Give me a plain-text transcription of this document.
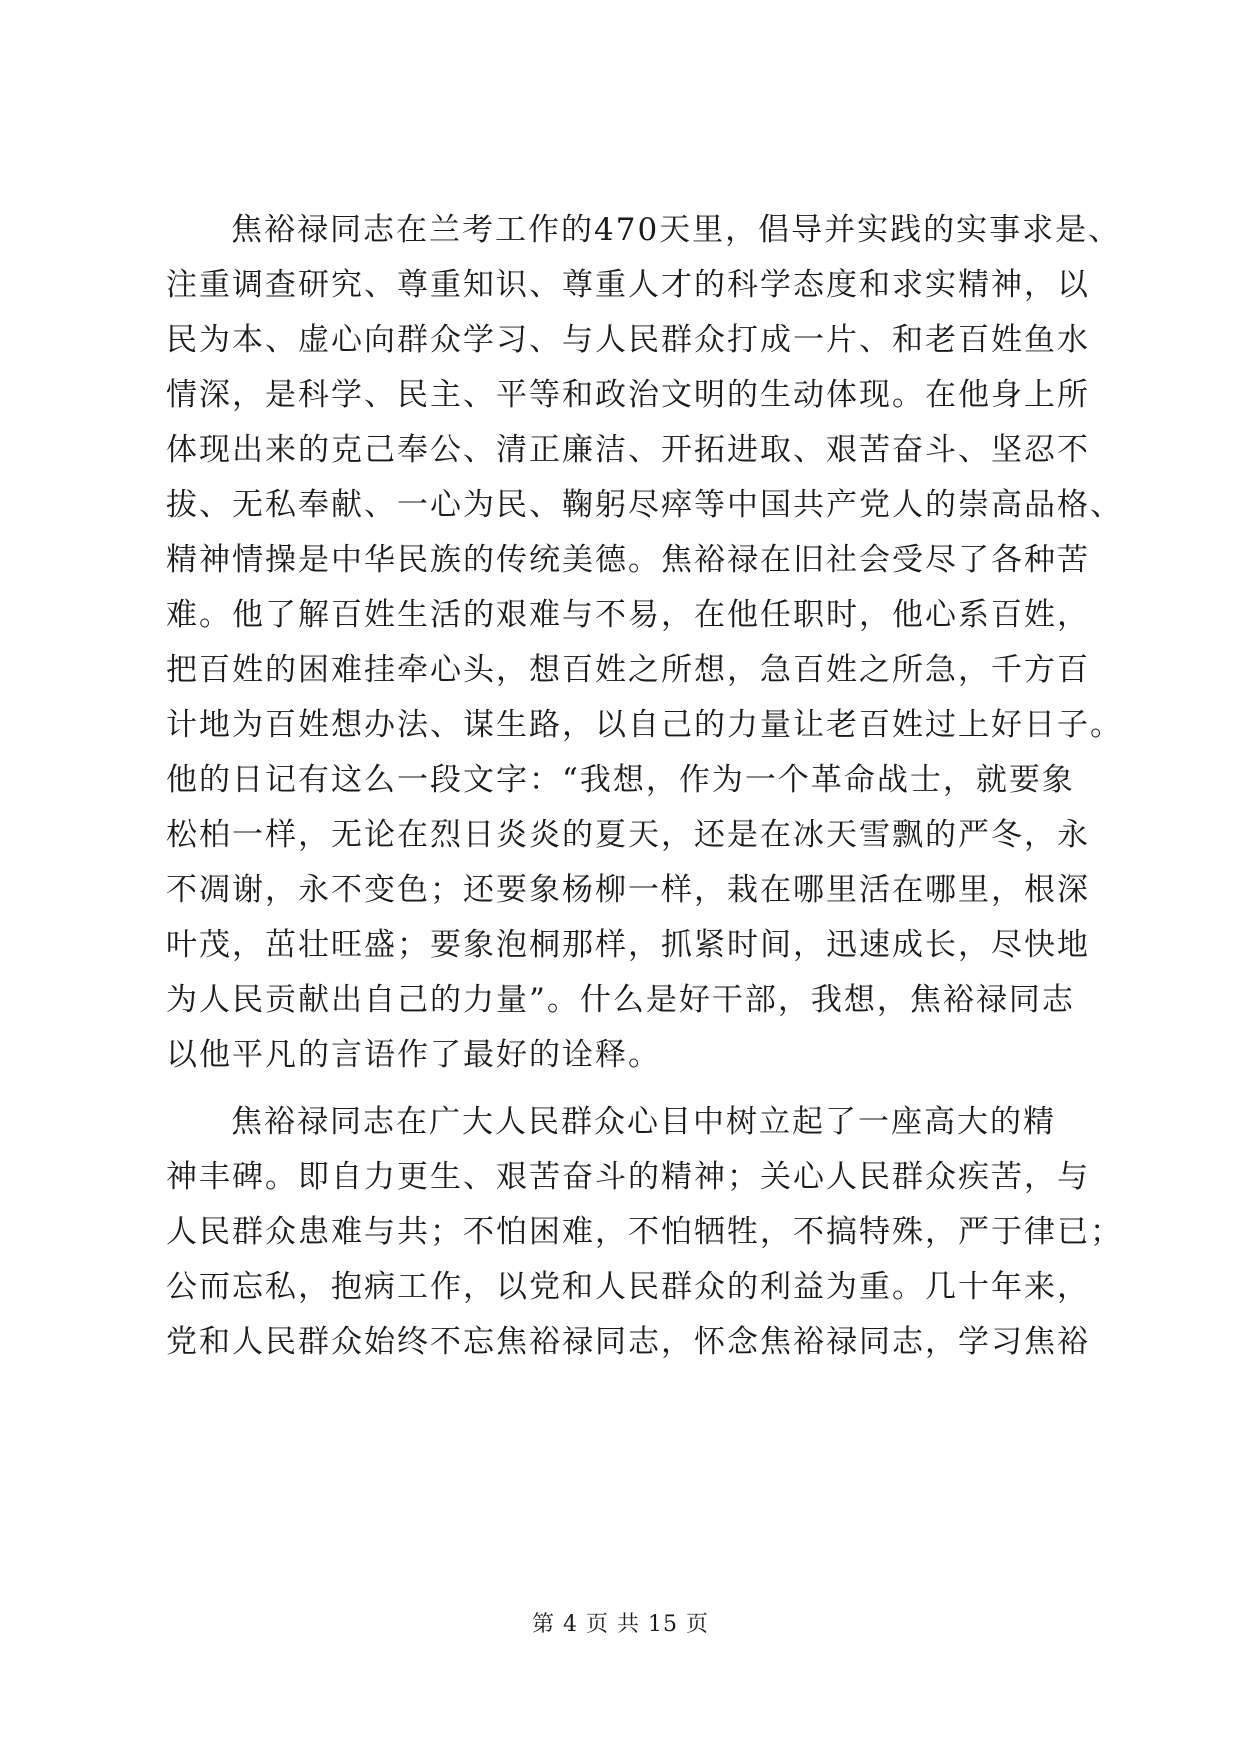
焦裕禄同志在兰考工作的470天里，倡导并实践的实事求是、
注重调查研究、尊重知识、尊重人才的科学态度和求实精神，以
民为本、虚心向群众学习、与人民群众打成一片、和老百姓鱼水
情深，是科学、民主、平等和政治文明的生动体现。在他身上所
体现出来的克己奉公、清正廉洁、开拓进取、艰苦奋斗、坚忍不
拔、无私奉献、一心为民、鞠躬尽瘁等中国共产党人的崇高品格、
精神情操是中华民族的传统美德。焦裕禄在旧社会受尽了各种苦
难。他了解百姓生活的艰难与不易，在他任职时，他心系百姓，
把百姓的困难挂牵心头，想百姓之所想，急百姓之所急，千方百
计地为百姓想办法、谋生路，以自己的力量让老百姓过上好日子。
他的日记有这么一段文字：“我想，作为一个革命战士，就要象
松柏一样，无论在烈日炎炎的夏天，还是在冰天雪飘的严冬，永
不凋谢，永不变色；还要象杨柳一样，栽在哪里活在哪里，根深
叶茂，茁壮旺盛；要象泡桐那样，抓紧时间，迅速成长，尽快地
为人民贡献出自己的力量”。什么是好干部，我想，焦裕禄同志
以他平凡的言语作了最好的诠释。
焦裕禄同志在广大人民群众心目中树立起了一座高大的精
神丰碑。即自力更生、艰苦奋斗的精神；关心人民群众疾苦，与
人民群众患难与共；不怕困难，不怕牺牲，不搞特殊，严于律已；
公而忘私，抱病工作，以党和人民群众的利益为重。几十年来，
党和人民群众始终不忘焦裕禄同志，怀念焦裕禄同志，学习焦裕
第 4 页 共 15 页
